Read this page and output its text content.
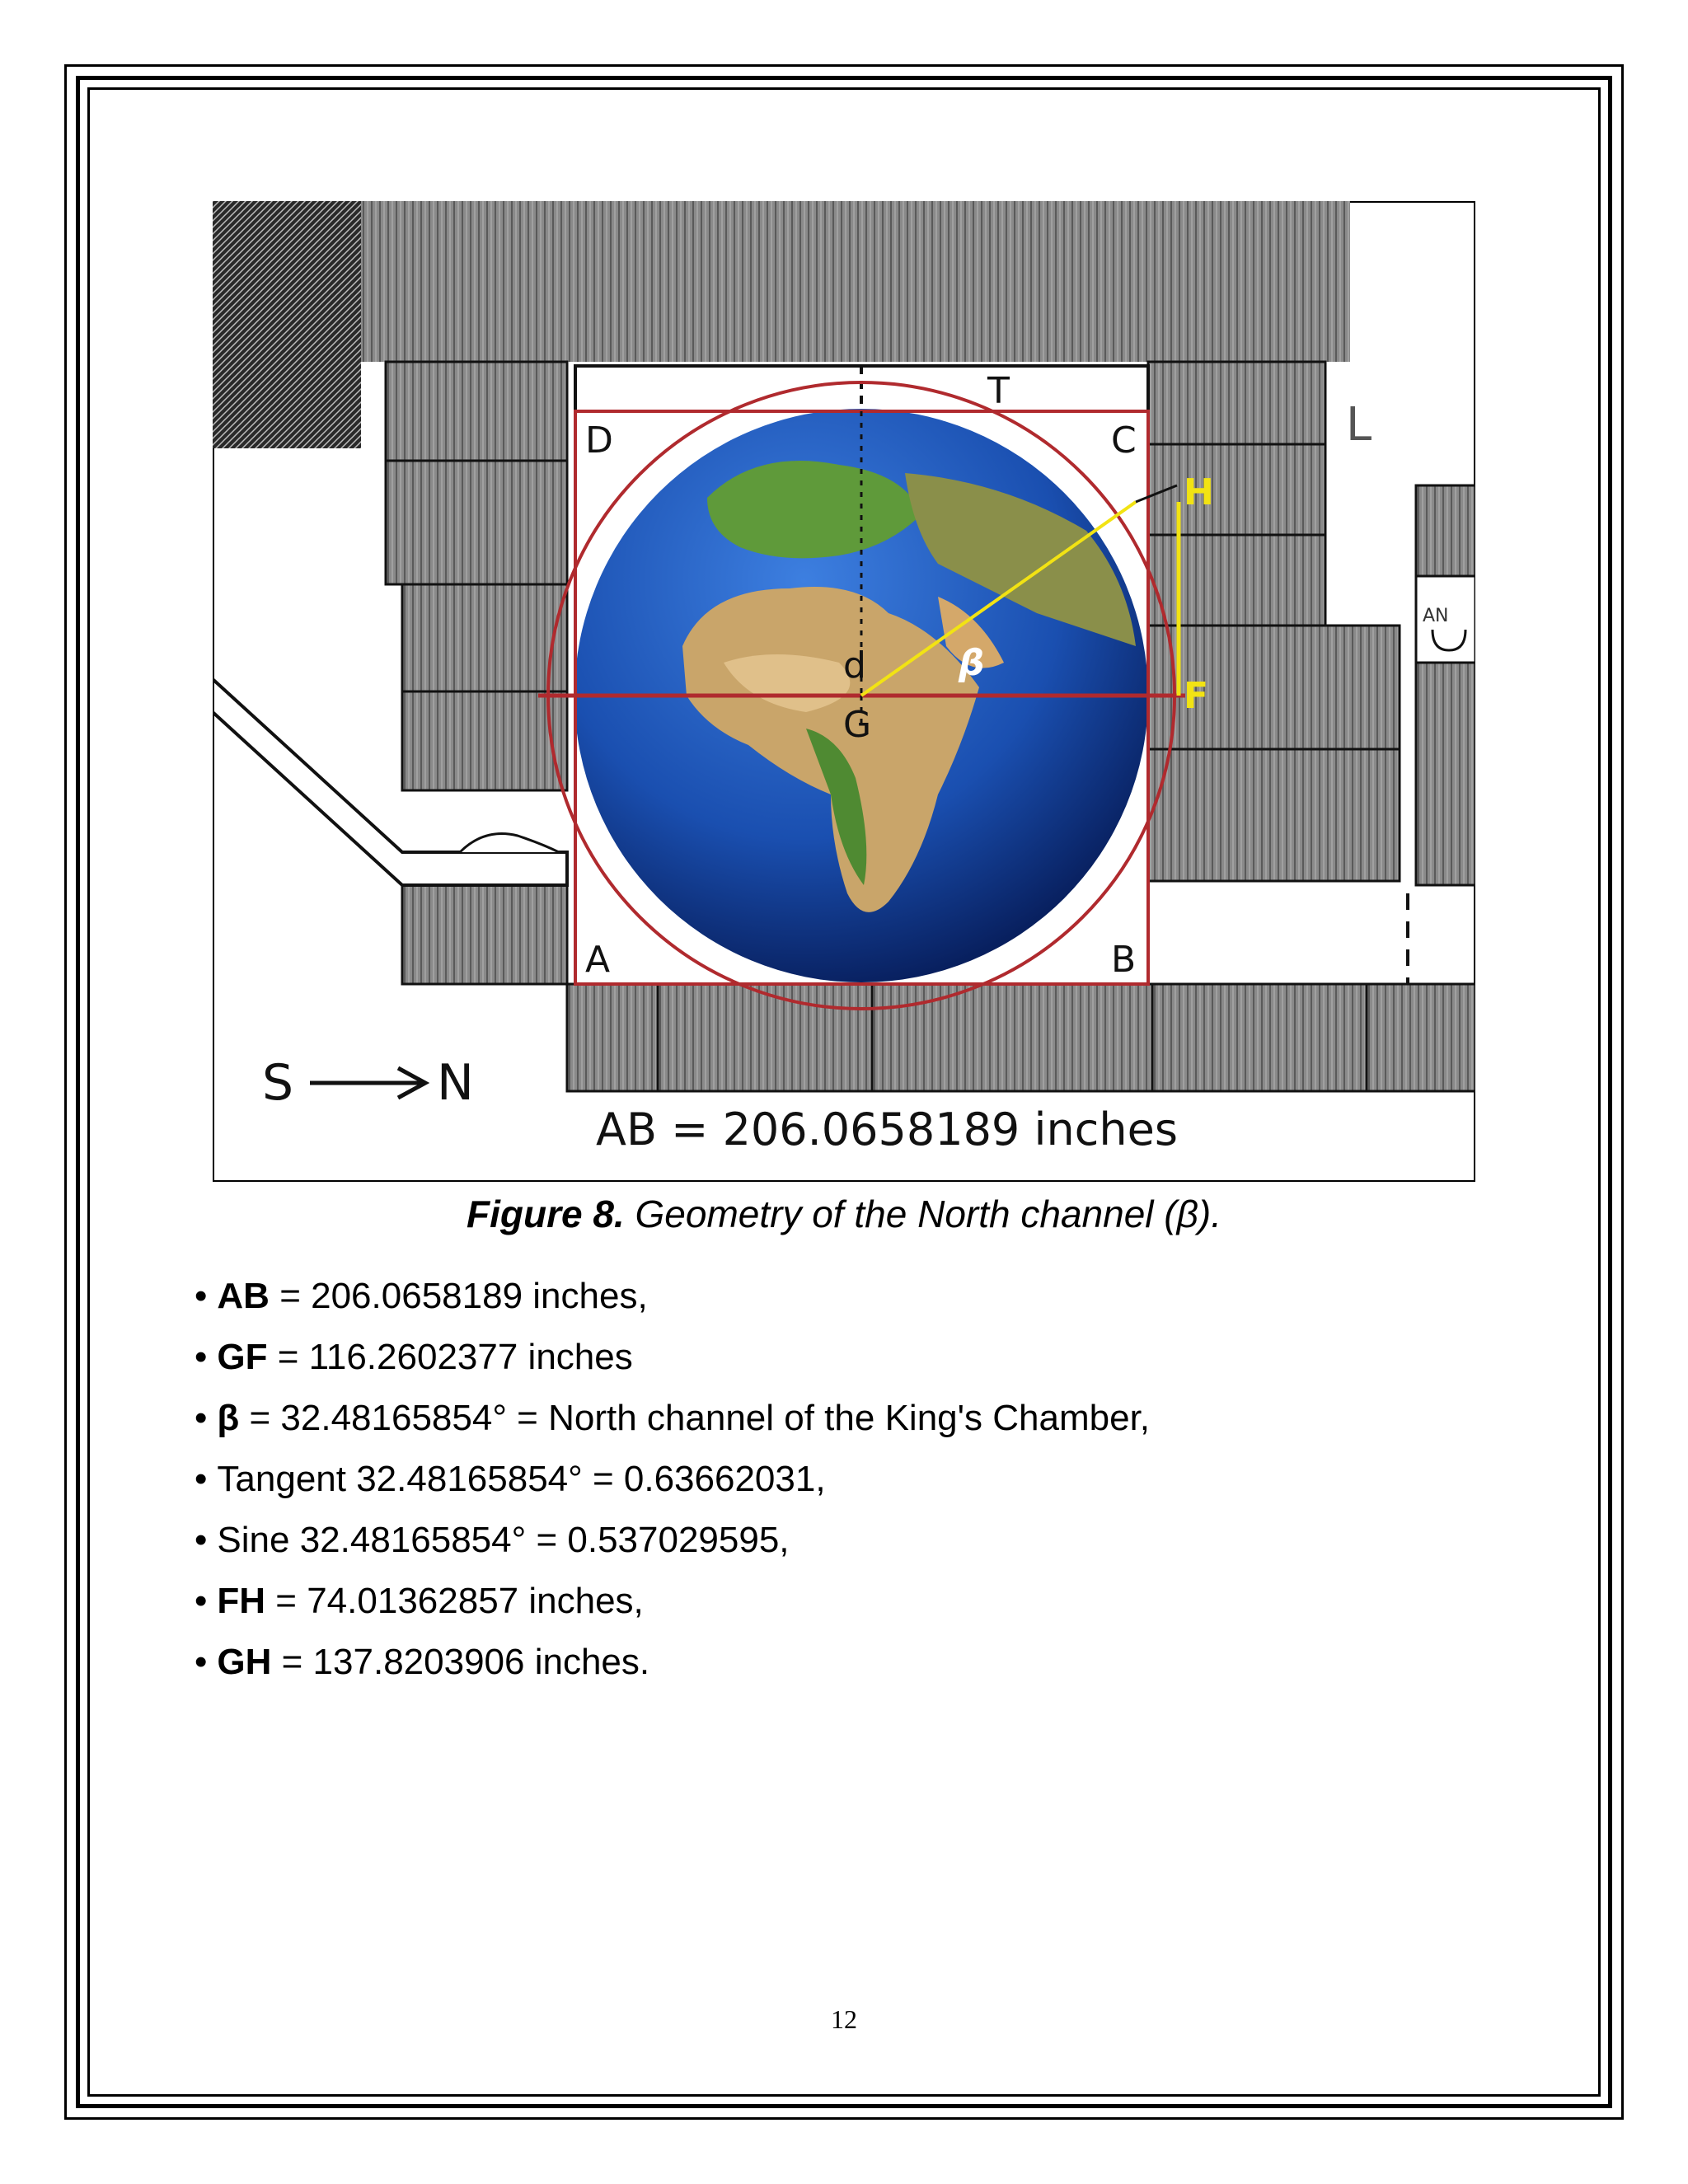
T
D	C
H
L
AN
d	β
F
G
A	B
S	N
AB = 206.0658189 inches
Figure 8. Geometry of the North channel (β).
• AB = 206.0658189 inches,
• GF = 116.2602377 inches
• β = 32.48165854° = North channel of the King's Chamber,
• Tangent 32.48165854° = 0.63662031,
• Sine 32.48165854° = 0.537029595,
• FH = 74.01362857 inches,
• GH = 137.8203906 inches.
12
